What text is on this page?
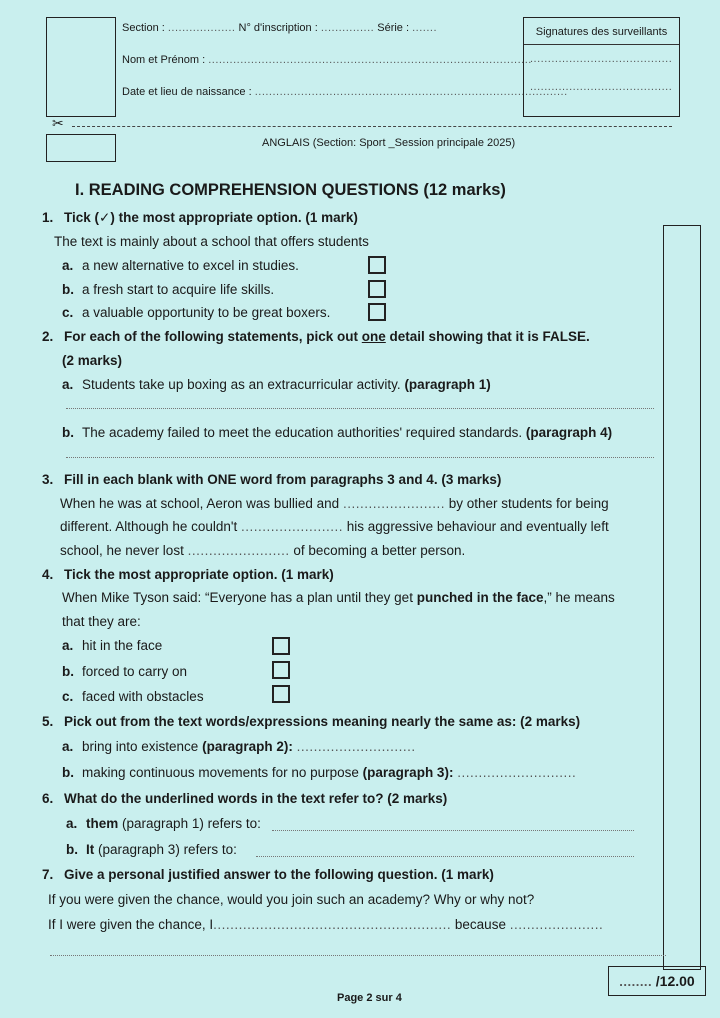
Section : ................... N° d'inscription : ............... Série : .......
Nom et Prénom : ...........................................................................................
Date et lieu de naissance : ........................................................................................
Signatures des surveillants
........................................
........................................
✂
ANGLAIS (Section: Sport _Session principale 2025)
I. READING COMPREHENSION QUESTIONS (12 marks)
1. Tick (✓) the most appropriate option. (1 mark)
The text is mainly about a school that offers students
a. a new alternative to excel in studies.
b. a fresh start to acquire life skills.
c. a valuable opportunity to be great boxers.
2. For each of the following statements, pick out one detail showing that it is FALSE.
(2 marks)
a. Students take up boxing as an extracurricular activity. (paragraph 1)
b. The academy failed to meet the education authorities' required standards. (paragraph 4)
3. Fill in each blank with ONE word from paragraphs 3 and 4. (3 marks)
When he was at school, Aeron was bullied and ........................ by other students for being
different. Although he couldn't ........................ his aggressive behaviour and eventually left
school, he never lost ........................ of becoming a better person.
4. Tick the most appropriate option. (1 mark)
When Mike Tyson said: “Everyone has a plan until they get punched in the face,” he means
that they are:
a. hit in the face
b. forced to carry on
c. faced with obstacles
5. Pick out from the text words/expressions meaning nearly the same as: (2 marks)
a. bring into existence (paragraph 2): ............................
b. making continuous movements for no purpose (paragraph 3): ............................
6. What do the underlined words in the text refer to? (2 marks)
a. them (paragraph 1) refers to:
b. It (paragraph 3) refers to:
7. Give a personal justified answer to the following question. (1 mark)
If you were given the chance, would you join such an academy? Why or why not?
If I were given the chance, I........................................................ because ......................
........ /12.00
Page 2 sur 4
